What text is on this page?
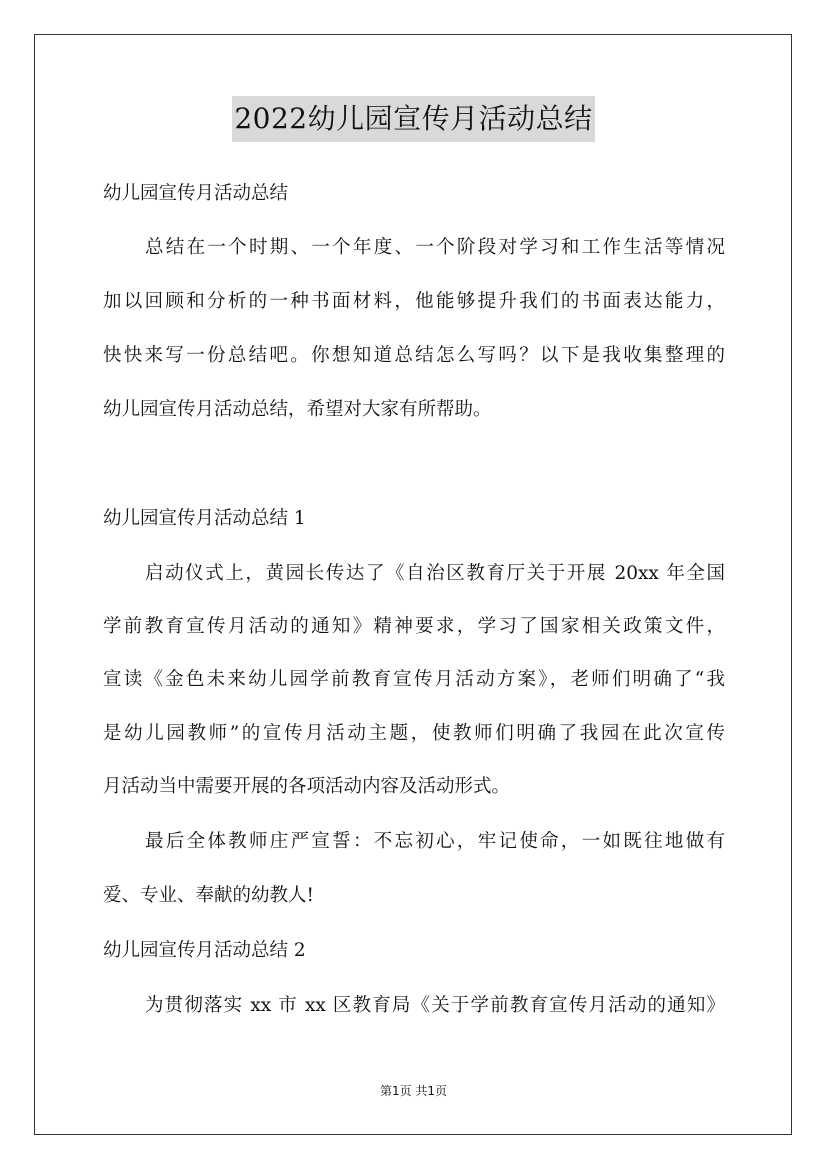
2022幼儿园宣传月活动总结
幼儿园宣传月活动总结
总结在一个时期、一个年度、一个阶段对学习和工作生活等情况
加以回顾和分析的一种书面材料，他能够提升我们的书面表达能力，
快快来写一份总结吧。你想知道总结怎么写吗？以下是我收集整理的
幼儿园宣传月活动总结，希望对大家有所帮助。
幼儿园宣传月活动总结 1
启动仪式上，黄园长传达了《自治区教育厅关于开展 20xx 年全国
学前教育宣传月活动的通知》精神要求，学习了国家相关政策文件，
宣读《金色未来幼儿园学前教育宣传月活动方案》，老师们明确了“我
是幼儿园教师”的宣传月活动主题，使教师们明确了我园在此次宣传
月活动当中需要开展的各项活动内容及活动形式。
最后全体教师庄严宣誓：不忘初心，牢记使命，一如既往地做有
爱、专业、奉献的幼教人!
幼儿园宣传月活动总结 2
为贯彻落实 xx 市 xx 区教育局《关于学前教育宣传月活动的通知》
第1页 共1页
